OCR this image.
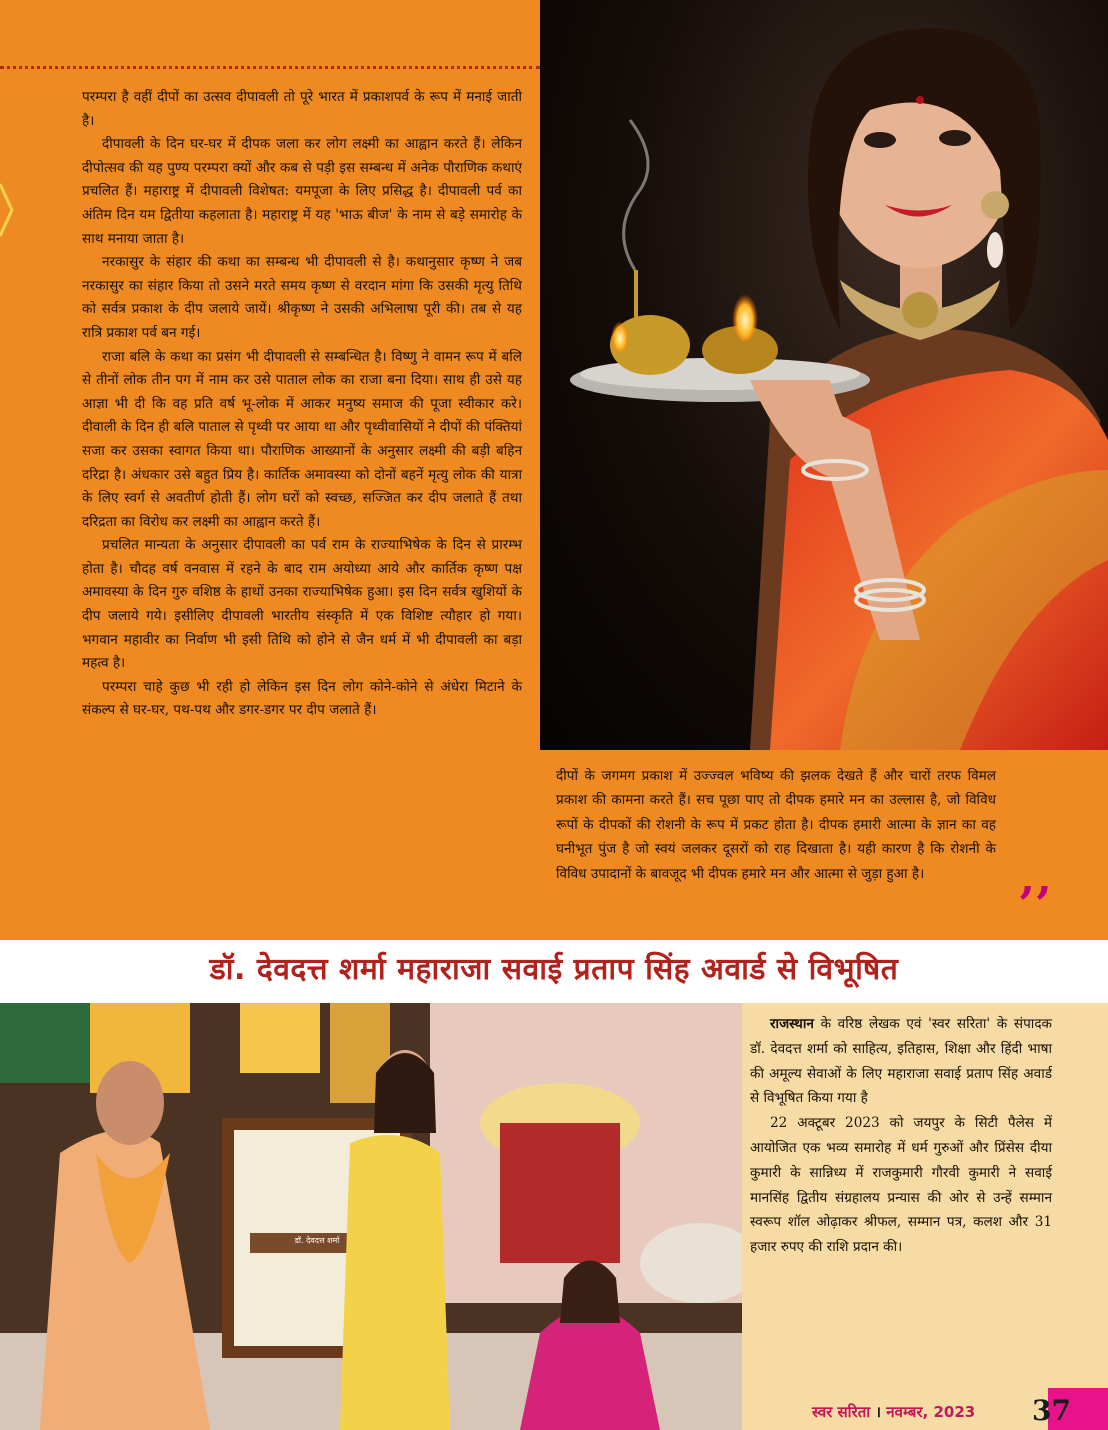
परम्परा है वहीं दीपों का उत्सव दीपावली तो पूरे भारत में प्रकाशपर्व के रूप में मनाई जाती है।

दीपावली के दिन घर-घर में दीपक जला कर लोग लक्ष्मी का आह्वान करते हैं। लेकिन दीपोत्सव की यह पुण्य परम्परा क्यों और कब से पड़ी इस सम्बन्ध में अनेक पौराणिक कथाएं प्रचलित हैं। महाराष्ट्र में दीपावली विशेषत: यमपूजा के लिए प्रसिद्ध है। दीपावली पर्व का अंतिम दिन यम द्वितीया कहलाता है। महाराष्ट्र में यह 'भाऊ बीज' के नाम से बड़े समारोह के साथ मनाया जाता है।

नरकासुर के संहार की कथा का सम्बन्ध भी दीपावली से है। कथानुसार कृष्ण ने जब नरकासुर का संहार किया तो उसने मरते समय कृष्ण से वरदान मांगा कि उसकी मृत्यु तिथि को सर्वत्र प्रकाश के दीप जलाये जायें। श्रीकृष्ण ने उसकी अभिलाषा पूरी की। तब से यह रात्रि प्रकाश पर्व बन गई।

राजा बलि के कथा का प्रसंग भी दीपावली से सम्बन्धित है। विष्णु ने वामन रूप में बलि से तीनों लोक तीन पग में नाम कर उसे पाताल लोक का राजा बना दिया। साथ ही उसे यह आज्ञा भी दी कि वह प्रति वर्ष भू-लोक में आकर मनुष्य समाज की पूजा स्वीकार करे। दीवाली के दिन ही बलि पाताल से पृथ्वी पर आया था और पृथ्वीवासियों ने दीपों की पंक्तियां सजा कर उसका स्वागत किया था। पौराणिक आख्यानों के अनुसार लक्ष्मी की बड़ी बहिन दरिद्रा है। अंधकार उसे बहुत प्रिय है। कार्तिक अमावस्या को दोनों बहनें मृत्यु लोक की यात्रा के लिए स्वर्ग से अवतीर्ण होती हैं। लोग घरों को स्वच्छ, सज्जित कर दीप जलाते हैं तथा दरिद्रता का विरोध कर लक्ष्मी का आह्वान करते हैं।

प्रचलित मान्यता के अनुसार दीपावली का पर्व राम के राज्याभिषेक के दिन से प्रारम्भ होता है। चौदह वर्ष वनवास में रहने के बाद राम अयोध्या आये और कार्तिक कृष्ण पक्ष अमावस्या के दिन गुरु वशिष्ठ के हाथों उनका राज्याभिषेक हुआ। इस दिन सर्वत्र खुशियों के दीप जलाये गये। इसीलिए दीपावली भारतीय संस्कृति में एक विशिष्ट त्यौहार हो गया। भगवान महावीर का निर्वाण भी इसी तिथि को होने से जैन धर्म में भी दीपावली का बड़ा महत्व है।

परम्परा चाहे कुछ भी रही हो लेकिन इस दिन लोग कोने-कोने से अंधेरा मिटाने के संकल्प से घर-घर, पथ-पथ और डगर-डगर पर दीप जलाते हैं।

दीपों के जगमग प्रकाश में उज्ज्वल भविष्य की झलक देखते हैं और चारों तरफ विमल प्रकाश की कामना करते हैं। सच पूछा पाए तो दीपक हमारे मन का उल्लास है, जो विविध रूपों के दीपकों की रोशनी के रूप में प्रकट होता है। दीपक हमारी आत्मा के ज्ञान का वह घनीभूत पुंज है जो स्वयं जलकर दूसरों को राह दिखाता है। यही कारण है कि रोशनी के विविध उपादानों के बावजूद भी दीपक हमारे मन और आत्मा से जुड़ा हुआ है।

’’
डॉ. देवदत्त शर्मा महाराजा सवाई प्रताप सिंह अवार्ड से विभूषित

राजस्थान के वरिष्ठ लेखक एवं 'स्वर सरिता' के संपादक डॉ. देवदत्त शर्मा को साहित्य, इतिहास, शिक्षा और हिंदी भाषा की अमूल्य सेवाओं के लिए महाराजा सवाई प्रताप सिंह अवार्ड से विभूषित किया गया है

22 अक्टूबर 2023 को जयपुर के सिटी पैलेस में आयोजित एक भव्य समारोह में धर्म गुरुओं और प्रिंसेस दीया कुमारी के सान्निध्य में राजकुमारी गौरवी कुमारी ने सवाई मानसिंह द्वितीय संग्रहालय प्रन्यास की ओर से उन्हें सम्मान स्वरूप शॉल ओढ़ाकर श्रीफल, सम्मान पत्र, कलश और 31 हजार रुपए की राशि प्रदान की।

डॉ. देवदत्त शर्मा
स्वर सरिता । नवम्बर, 2023	37
